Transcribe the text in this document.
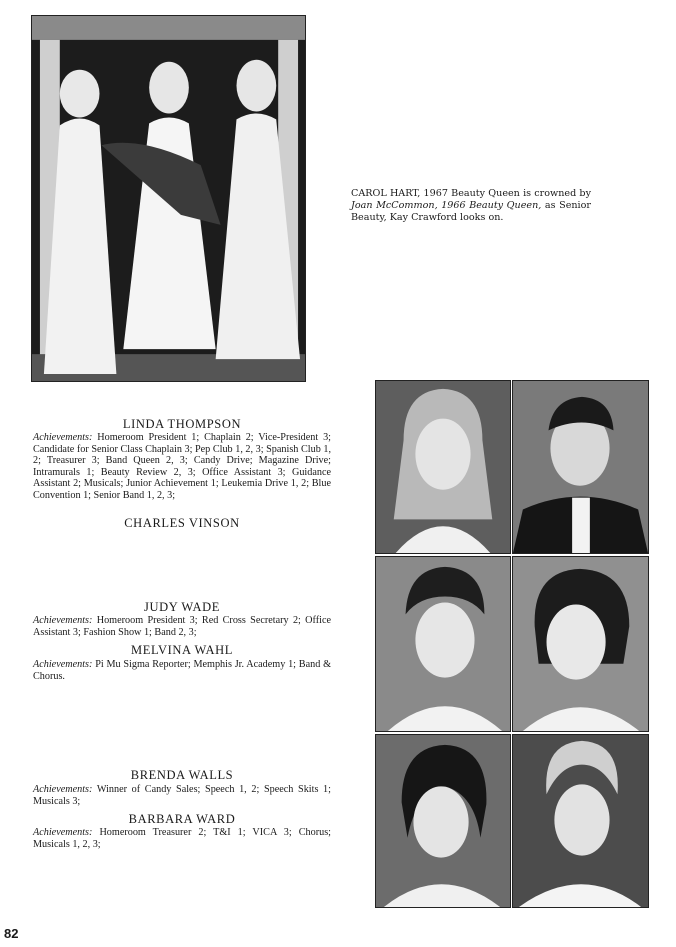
CAROL HART, 1967 Beauty Queen is crowned by Joan McCommon, 1966 Beauty Queen, as Senior Beauty, Kay Crawford looks on.
LINDA THOMPSON
Achievements: Homeroom President 1; Chaplain 2; Vice-President 3; Candidate for Senior Class Chaplain 3; Pep Club 1, 2, 3; Spanish Club 1, 2; Treasurer 3; Band Queen 2, 3; Candy Drive; Magazine Drive; Intramurals 1; Beauty Review 2, 3; Office Assistant 3; Guidance Assistant 2; Musicals; Junior Achievement 1; Leukemia Drive 1, 2; Blue Convention 1; Senior Band 1, 2, 3;
CHARLES VINSON
JUDY WADE
Achievements: Homeroom President 3; Red Cross Secretary 2; Office Assistant 3; Fashion Show 1; Band 2, 3;
MELVINA WAHL
Achievements: Pi Mu Sigma Reporter; Memphis Jr. Academy 1; Band & Chorus.
BRENDA WALLS
Achievements: Winner of Candy Sales; Speech 1, 2; Speech Skits 1; Musicals 3;
BARBARA WARD
Achievements: Homeroom Treasurer 2; T&I 1; VICA 3; Chorus; Musicals 1, 2, 3;
82
